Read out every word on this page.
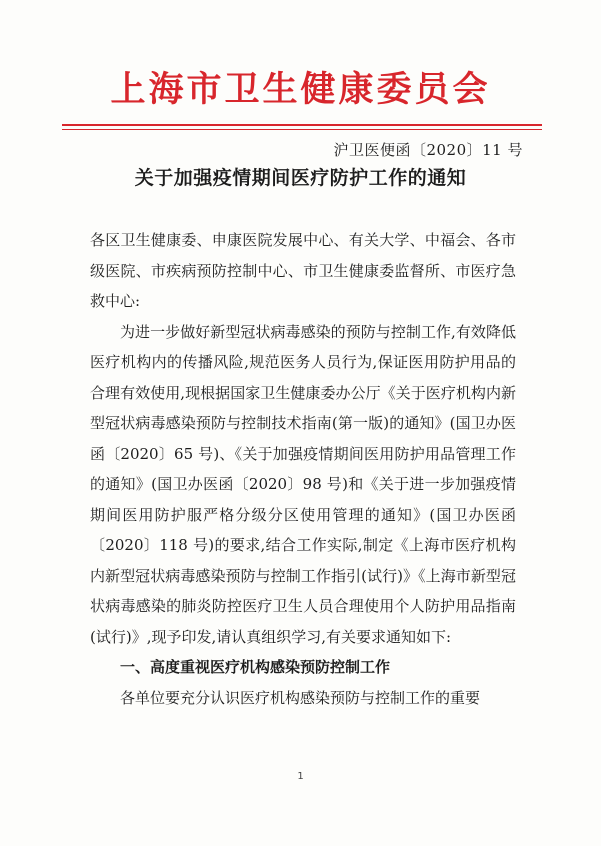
上海市卫生健康委员会
沪卫医便函〔2020〕11 号
关于加强疫情期间医疗防护工作的通知

各区卫生健康委、申康医院发展中心、有关大学、中福会、各市级医院、市疾病预防控制中心、市卫生健康委监督所、市医疗急救中心:

为进一步做好新型冠状病毒感染的预防与控制工作,有效降低医疗机构内的传播风险,规范医务人员行为,保证医用防护用品的合理有效使用,现根据国家卫生健康委办公厅《关于医疗机构内新型冠状病毒感染预防与控制技术指南(第一版)的通知》(国卫办医函〔2020〕65 号)、《关于加强疫情期间医用防护用品管理工作的通知》(国卫办医函〔2020〕98 号)和《关于进一步加强疫情期间医用防护服严格分级分区使用管理的通知》(国卫办医函〔2020〕118 号)的要求,结合工作实际,制定《上海市医疗机构内新型冠状病毒感染预防与控制工作指引(试行)》《上海市新型冠状病毒感染的肺炎防控医疗卫生人员合理使用个人防护用品指南(试行)》,现予印发,请认真组织学习,有关要求通知如下:

一、高度重视医疗机构感染预防控制工作

各单位要充分认识医疗机构感染预防与控制工作的重要

1
